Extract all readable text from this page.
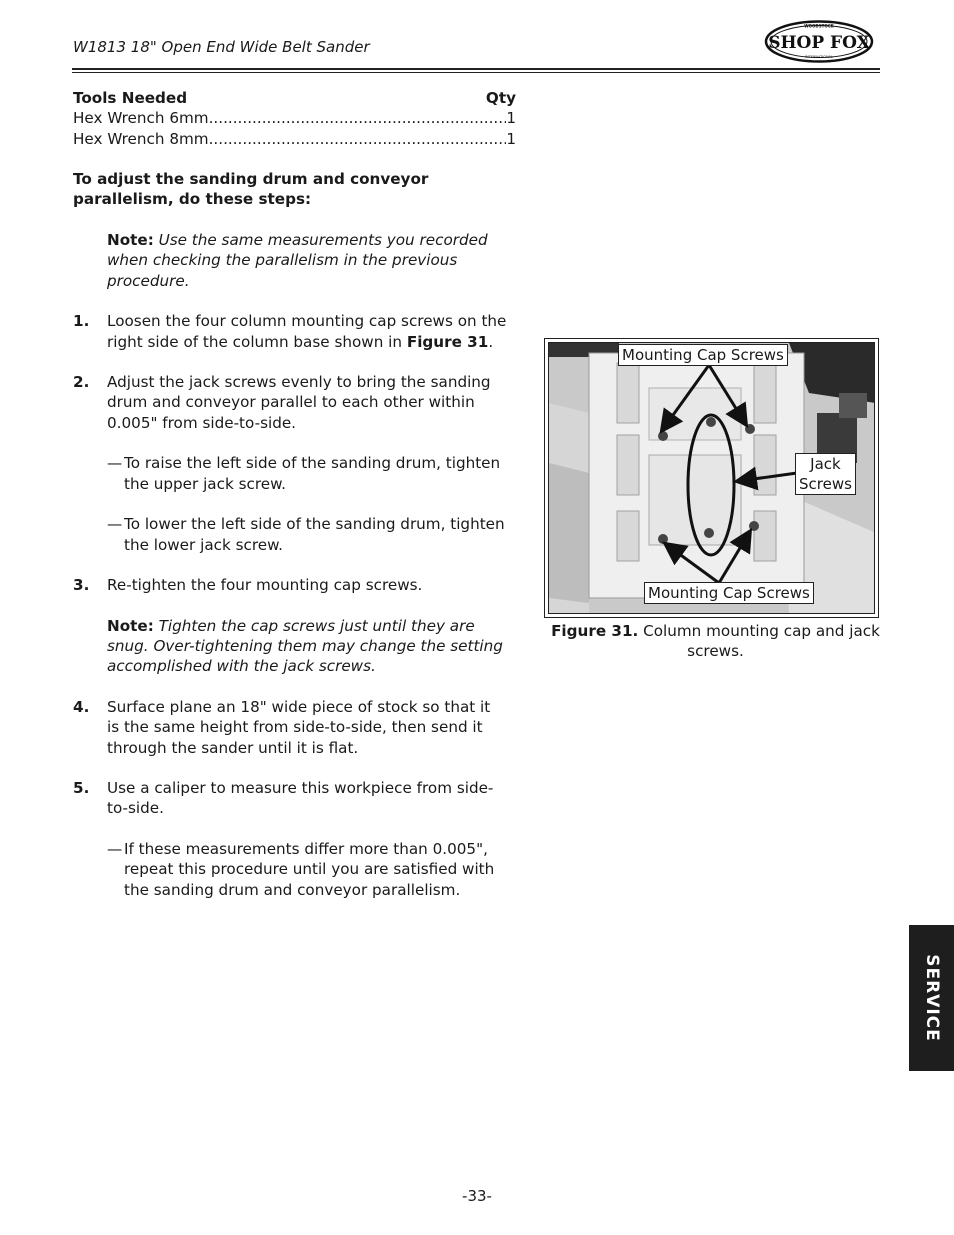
W1813 18" Open End Wide Belt Sander
WOODSTOCK
SHOP FOX
INTERNATIONAL
Tools Needed	Qty
Hex Wrench 6mm .....	1
Hex Wrench 8mm .....	1
To adjust the sanding drum and conveyor parallelism, do these steps:
Note: Use the same measurements you recorded when checking the parallelism in the previous procedure.
1.	Loosen the four column mounting cap screws on the right side of the column base shown in Figure 31.
2.	Adjust the jack screws evenly to bring the sanding drum and conveyor parallel to each other within 0.005" from side-to-side.
— To raise the left side of the sanding drum, tighten the upper jack screw.
— To lower the left side of the sanding drum, tighten the lower jack screw.
3.	Re-tighten the four mounting cap screws.
Note: Tighten the cap screws just until they are snug. Over-tightening them may change the setting accomplished with the jack screws.
4.	Surface plane an 18" wide piece of stock so that it is the same height from side-to-side, then send it through the sander until it is flat.
5.	Use a caliper to measure this workpiece from side-to-side.
— If these measurements differ more than 0.005", repeat this procedure until you are satisfied with the sanding drum and conveyor parallelism.
Mounting Cap Screws
Jack
Screws
Mounting Cap Screws
Figure 31. Column mounting cap and jack screws.
SERVICE
-33-
